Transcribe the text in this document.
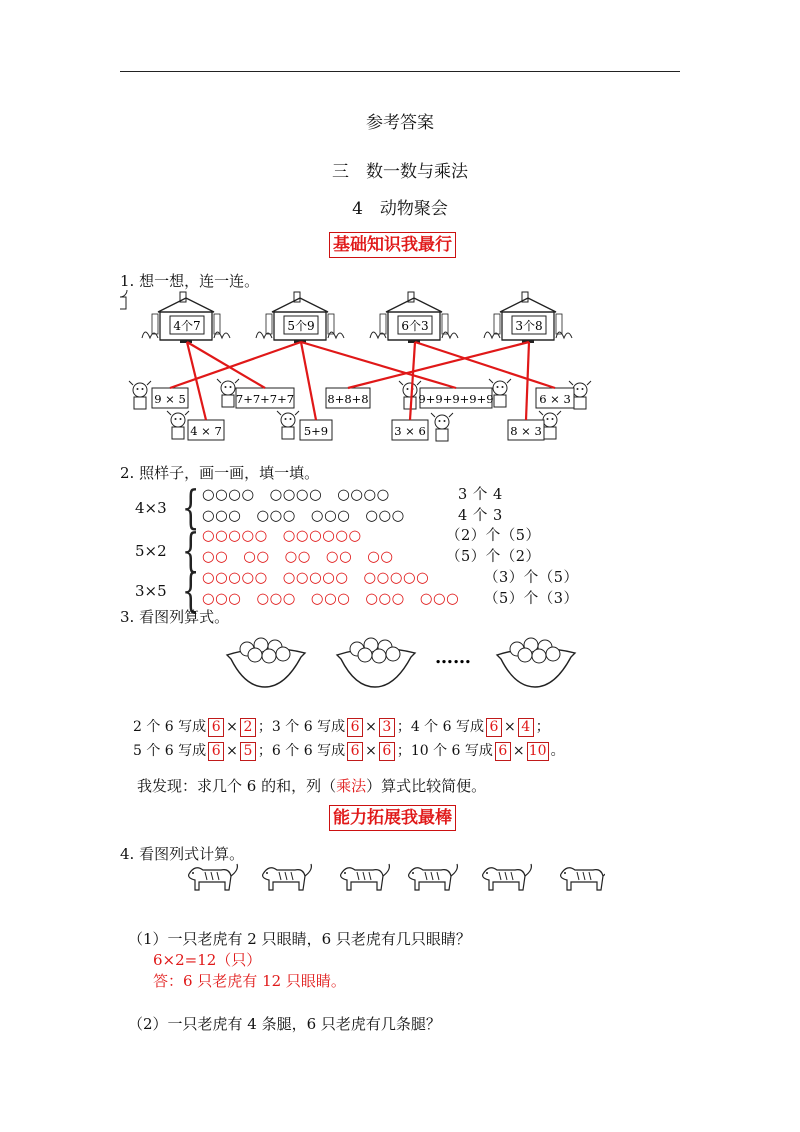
参考答案
三　数一数与乘法
4　动物聚会
基础知识我最行
1. 想一想，连一连。
4个7	5个9	6个3	3个8
9 × 5	7+7+7+7	8+8+8	9+9+9+9+9	6 × 3
4 × 7	5+9	3 × 6	8 × 3
2. 照样子，画一画，填一填。
4×3 { ○○○○　○○○○　○○○○	3 个 4
○○○　○○○　○○○　○○○	4 个 3
5×2 { ○○○○○　○○○○○○	（2）个（5）
○○　○○　○○　○○　○○	（5）个（2）
3×5 { ○○○○○　○○○○○　○○○○○	（3）个（5）
○○○　○○○　○○○　○○○　○○○ （5）个（3）
3. 看图列算式。
……
2 个 6 写成 6 × 2 ；3 个 6 写成 6 × 3 ；4 个 6 写成 6 × 4 ；
5 个 6 写成 6 × 5 ；6 个 6 写成 6 × 6 ；10 个 6 写成 6 × 10 。
我发现：求几个 6 的和，列（乘法）算式比较简便。
能力拓展我最棒
4. 看图列式计算。
（1）一只老虎有 2 只眼睛，6 只老虎有几只眼睛？
6×2=12（只）
答：6 只老虎有 12 只眼睛。
（2）一只老虎有 4 条腿，6 只老虎有几条腿？
